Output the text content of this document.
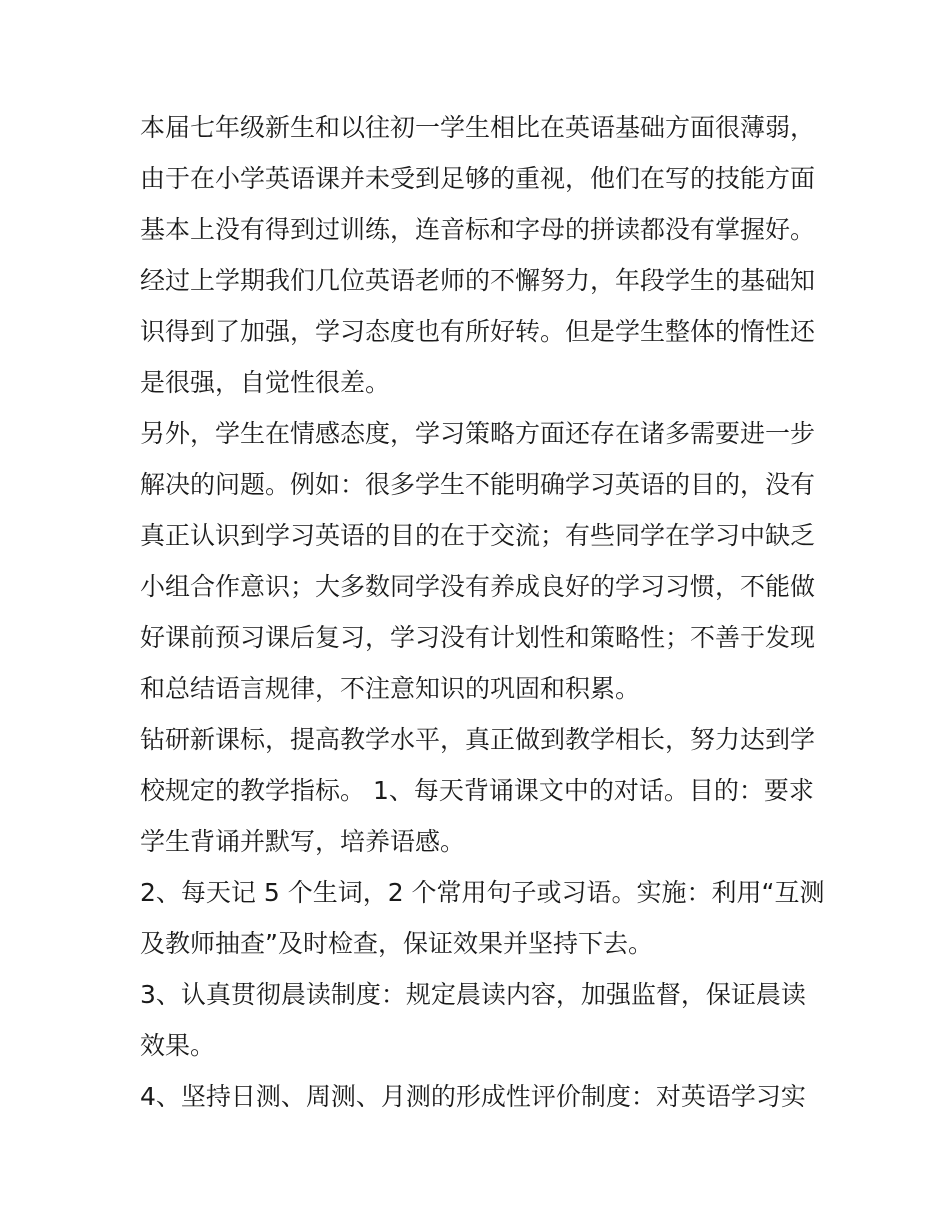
本届七年级新生和以往初一学生相比在英语基础方面很薄弱，
由于在小学英语课并未受到足够的重视，他们在写的技能方面
基本上没有得到过训练，连音标和字母的拼读都没有掌握好。
经过上学期我们几位英语老师的不懈努力，年段学生的基础知
识得到了加强，学习态度也有所好转。但是学生整体的惰性还
是很强，自觉性很差。
另外，学生在情感态度，学习策略方面还存在诸多需要进一步
解决的问题。例如：很多学生不能明确学习英语的目的，没有
真正认识到学习英语的目的在于交流；有些同学在学习中缺乏
小组合作意识；大多数同学没有养成良好的学习习惯，不能做
好课前预习课后复习，学习没有计划性和策略性；不善于发现
和总结语言规律，不注意知识的巩固和积累。
钻研新课标，提高教学水平，真正做到教学相长，努力达到学
校规定的教学指标。 1、每天背诵课文中的对话。目的：要求
学生背诵并默写，培养语感。
2、每天记 5 个生词，2 个常用句子或习语。实施：利用“互测
及教师抽查”及时检查，保证效果并坚持下去。
3、认真贯彻晨读制度：规定晨读内容，加强监督，保证晨读
效果。
4、坚持日测、周测、月测的形成性评价制度：对英语学习实
